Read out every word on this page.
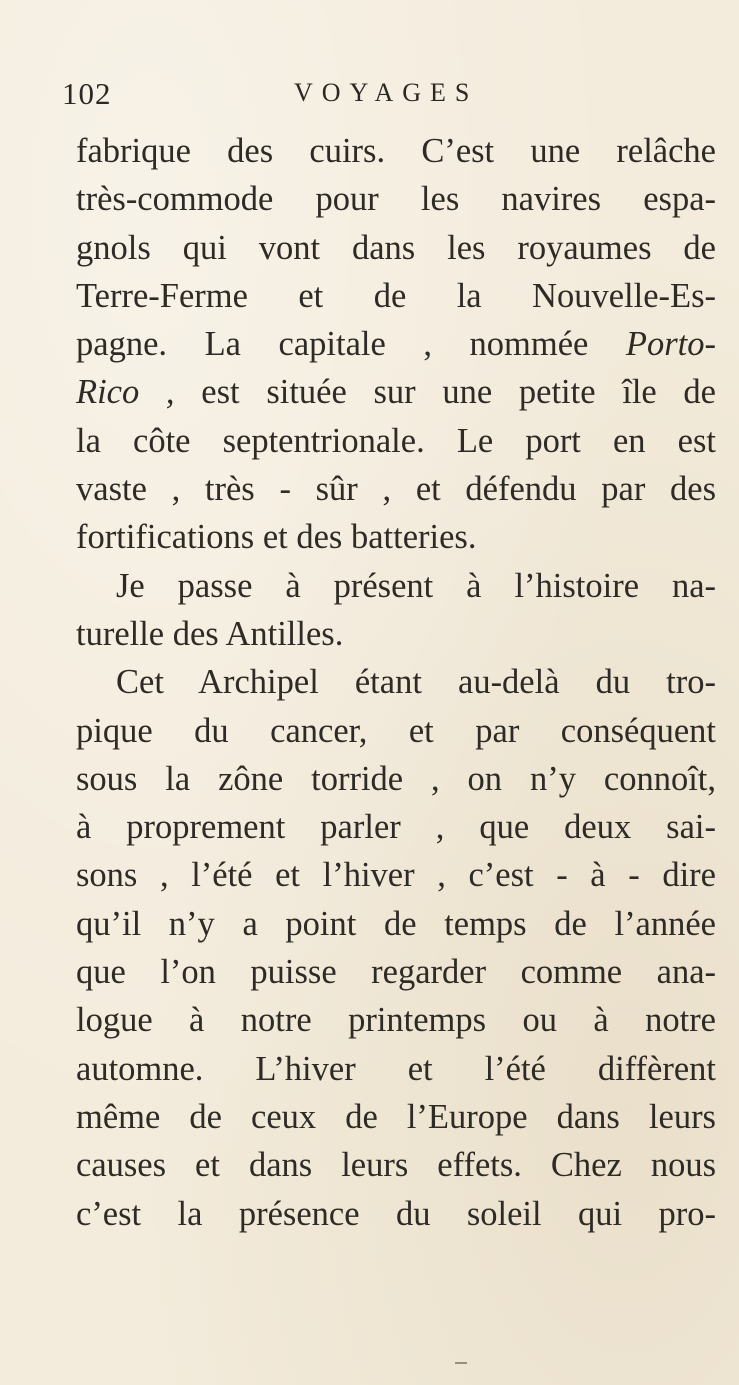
102	VOYAGES
fabrique des cuirs. C’est une relâche
très-commode pour les navires espa-
gnols qui vont dans les royaumes de
Terre-Ferme et de la Nouvelle-Es-
pagne. La capitale , nommée Porto-
Rico , est située sur une petite île de
la côte septentrionale. Le port en est
vaste , très - sûr , et défendu par des
fortifications et des batteries.
Je passe à présent à l’histoire na-
turelle des Antilles.
Cet Archipel étant au-delà du tro-
pique du cancer, et par conséquent
sous la zône torride , on n’y connoît,
à proprement parler , que deux sai-
sons , l’été et l’hiver , c’est - à - dire
qu’il n’y a point de temps de l’année
que l’on puisse regarder comme ana-
logue à notre printemps ou à notre
automne. L’hiver et l’été diffèrent
même de ceux de l’Europe dans leurs
causes et dans leurs effets. Chez nous
c’est la présence du soleil qui pro-
